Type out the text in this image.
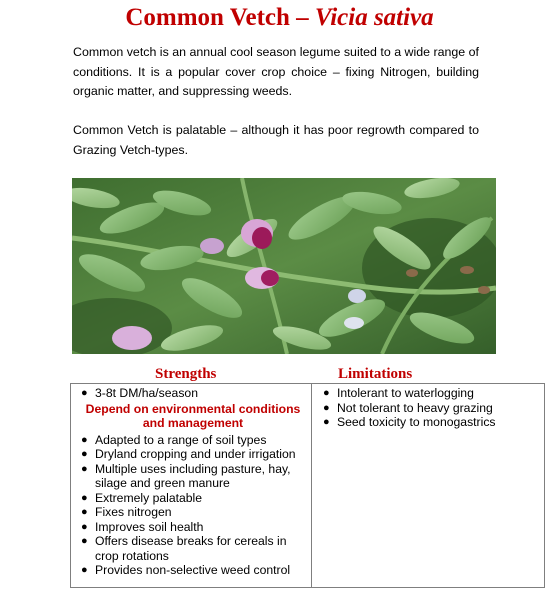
Common Vetch – Vicia sativa
Common vetch is an annual cool season legume suited to a wide range of conditions. It is a popular cover crop choice – fixing Nitrogen, building organic matter, and suppressing weeds.
Common Vetch is palatable – although it has poor regrowth compared to Grazing Vetch-types.
Strengths	Limitations
● 3-8t DM/ha/season
Depend on environmental conditions and management
● Adapted to a range of soil types
● Dryland cropping and under irrigation
● Multiple uses including pasture, hay, silage and green manure
● Extremely palatable
● Fixes nitrogen
● Improves soil health
● Offers disease breaks for cereals in crop rotations
● Provides non-selective weed control
● Intolerant to waterlogging
● Not tolerant to heavy grazing
● Seed toxicity to monogastrics
